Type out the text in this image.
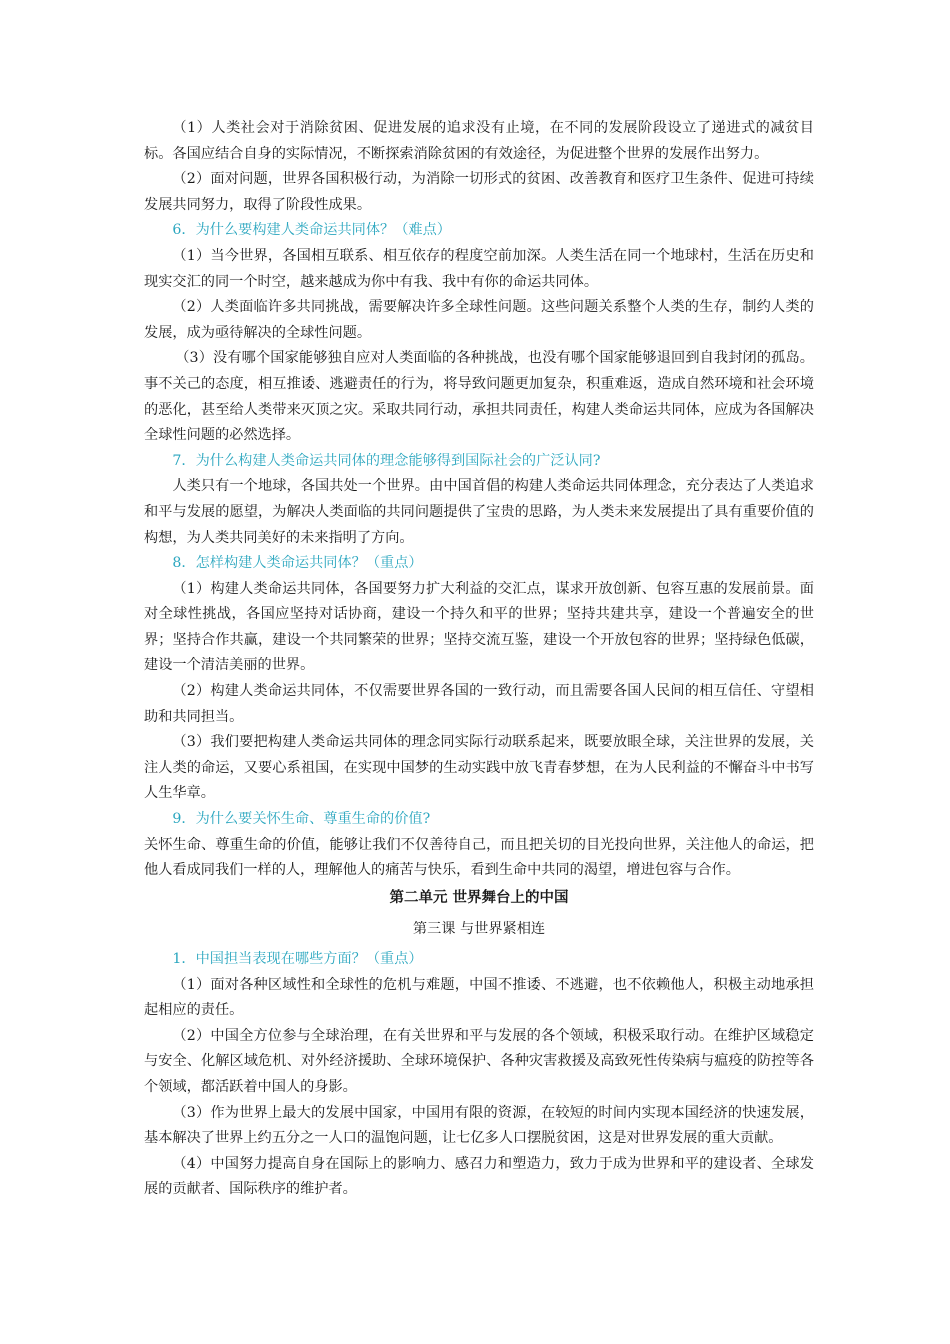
（1）人类社会对于消除贫困、促进发展的追求没有止境，在不同的发展阶段设立了递进式的减贫目标。各国应结合自身的实际情况，不断探索消除贫困的有效途径，为促进整个世界的发展作出努力。

（2）面对问题，世界各国积极行动，为消除一切形式的贫困、改善教育和医疗卫生条件、促进可持续发展共同努力，取得了阶段性成果。

6．为什么要构建人类命运共同体？（难点）

（1）当今世界，各国相互联系、相互依存的程度空前加深。人类生活在同一个地球村，生活在历史和现实交汇的同一个时空，越来越成为你中有我、我中有你的命运共同体。

（2）人类面临许多共同挑战，需要解决许多全球性问题。这些问题关系整个人类的生存，制约人类的发展，成为亟待解决的全球性问题。

（3）没有哪个国家能够独自应对人类面临的各种挑战，也没有哪个国家能够退回到自我封闭的孤岛。事不关己的态度，相互推诿、逃避责任的行为，将导致问题更加复杂，积重难返，造成自然环境和社会环境的恶化，甚至给人类带来灭顶之灾。采取共同行动，承担共同责任，构建人类命运共同体，应成为各国解决全球性问题的必然选择。

7．为什么构建人类命运共同体的理念能够得到国际社会的广泛认同?

人类只有一个地球，各国共处一个世界。由中国首倡的构建人类命运共同体理念，充分表达了人类追求和平与发展的愿望，为解决人类面临的共同问题提供了宝贵的思路，为人类未来发展提出了具有重要价值的构想，为人类共同美好的未来指明了方向。

8．怎样构建人类命运共同体？（重点）

（1）构建人类命运共同体，各国要努力扩大利益的交汇点，谋求开放创新、包容互惠的发展前景。面对全球性挑战，各国应坚持对话协商，建设一个持久和平的世界；坚持共建共享，建设一个普遍安全的世界；坚持合作共赢，建设一个共同繁荣的世界；坚持交流互鉴，建设一个开放包容的世界；坚持绿色低碳，建设一个清洁美丽的世界。

（2）构建人类命运共同体，不仅需要世界各国的一致行动，而且需要各国人民间的相互信任、守望相助和共同担当。

（3）我们要把构建人类命运共同体的理念同实际行动联系起来，既要放眼全球，关注世界的发展，关注人类的命运，又要心系祖国，在实现中国梦的生动实践中放飞青春梦想，在为人民利益的不懈奋斗中书写人生华章。

9．为什么要关怀生命、尊重生命的价值?

关怀生命、尊重生命的价值，能够让我们不仅善待自己，而且把关切的目光投向世界，关注他人的命运，把他人看成同我们一样的人，理解他人的痛苦与快乐，看到生命中共同的渴望，增进包容与合作。

第二单元 世界舞台上的中国

第三课 与世界紧相连

1．中国担当表现在哪些方面？（重点）

（1）面对各种区域性和全球性的危机与难题，中国不推诿、不逃避，也不依赖他人，积极主动地承担起相应的责任。

（2）中国全方位参与全球治理，在有关世界和平与发展的各个领域，积极采取行动。在维护区域稳定与安全、化解区域危机、对外经济援助、全球环境保护、各种灾害救援及高致死性传染病与瘟疫的防控等各个领域，都活跃着中国人的身影。

（3）作为世界上最大的发展中国家，中国用有限的资源，在较短的时间内实现本国经济的快速发展，基本解决了世界上约五分之一人口的温饱问题，让七亿多人口摆脱贫困，这是对世界发展的重大贡献。

（4）中国努力提高自身在国际上的影响力、感召力和塑造力，致力于成为世界和平的建设者、全球发展的贡献者、国际秩序的维护者。
